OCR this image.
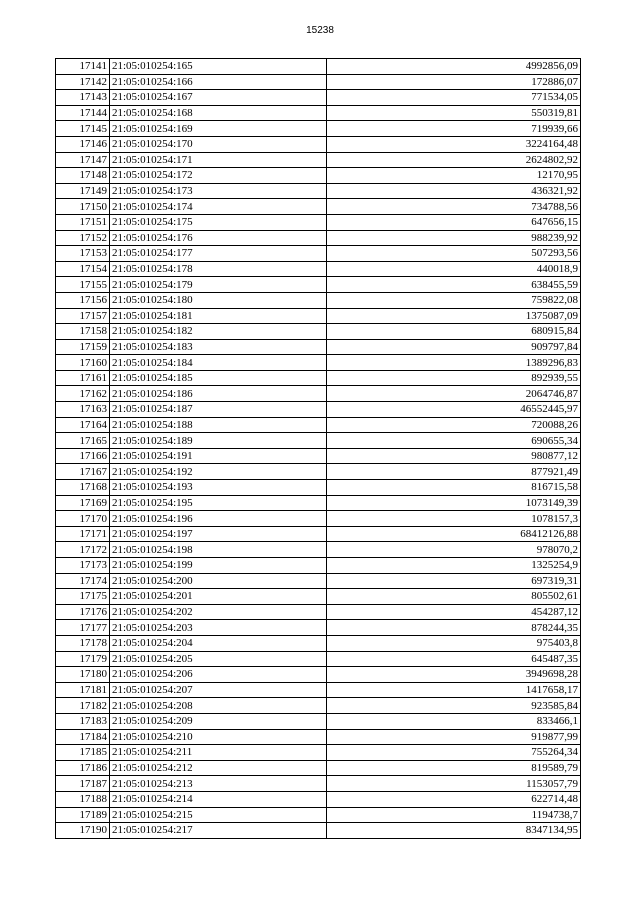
15238
17141	21:05:010254:165	4992856,09
17142	21:05:010254:166	172886,07
17143	21:05:010254:167	771534,05
17144	21:05:010254:168	550319,81
17145	21:05:010254:169	719939,66
17146	21:05:010254:170	3224164,48
17147	21:05:010254:171	2624802,92
17148	21:05:010254:172	12170,95
17149	21:05:010254:173	436321,92
17150	21:05:010254:174	734788,56
17151	21:05:010254:175	647656,15
17152	21:05:010254:176	988239,92
17153	21:05:010254:177	507293,56
17154	21:05:010254:178	440018,9
17155	21:05:010254:179	638455,59
17156	21:05:010254:180	759822,08
17157	21:05:010254:181	1375087,09
17158	21:05:010254:182	680915,84
17159	21:05:010254:183	909797,84
17160	21:05:010254:184	1389296,83
17161	21:05:010254:185	892939,55
17162	21:05:010254:186	2064746,87
17163	21:05:010254:187	46552445,97
17164	21:05:010254:188	720088,26
17165	21:05:010254:189	690655,34
17166	21:05:010254:191	980877,12
17167	21:05:010254:192	877921,49
17168	21:05:010254:193	816715,58
17169	21:05:010254:195	1073149,39
17170	21:05:010254:196	1078157,3
17171	21:05:010254:197	68412126,88
17172	21:05:010254:198	978070,2
17173	21:05:010254:199	1325254,9
17174	21:05:010254:200	697319,31
17175	21:05:010254:201	805502,61
17176	21:05:010254:202	454287,12
17177	21:05:010254:203	878244,35
17178	21:05:010254:204	975403,8
17179	21:05:010254:205	645487,35
17180	21:05:010254:206	3949698,28
17181	21:05:010254:207	1417658,17
17182	21:05:010254:208	923585,84
17183	21:05:010254:209	833466,1
17184	21:05:010254:210	919877,99
17185	21:05:010254:211	755264,34
17186	21:05:010254:212	819589,79
17187	21:05:010254:213	1153057,79
17188	21:05:010254:214	622714,48
17189	21:05:010254:215	1194738,7
17190	21:05:010254:217	8347134,95
